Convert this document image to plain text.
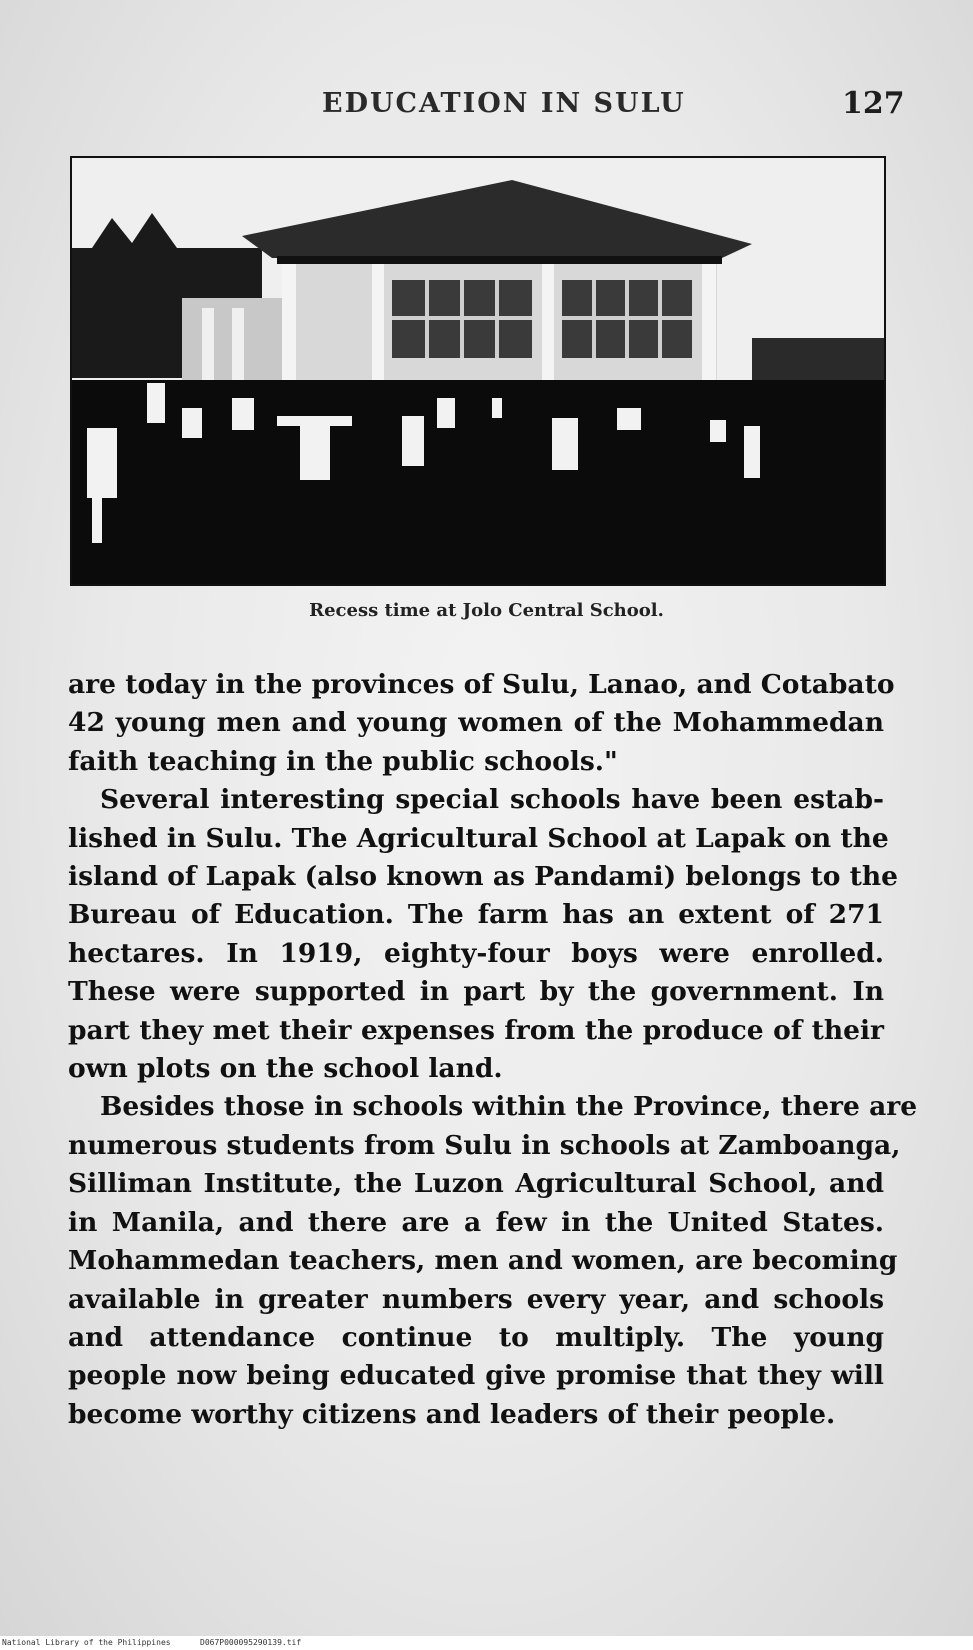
EDUCATION IN SULU	127
Recess time at Jolo Central School.
are today in the provinces of Sulu, Lanao, and Cotabato
42 young men and young women of the Mohammedan
faith teaching in the public schools."
Several interesting special schools have been estab-
lished in Sulu. The Agricultural School at Lapak on the
island of Lapak (also known as Pandami) belongs to the
Bureau of Education. The farm has an extent of 271
hectares. In 1919, eighty-four boys were enrolled.
These were supported in part by the government. In
part they met their expenses from the produce of their
own plots on the school land.
Besides those in schools within the Province, there are
numerous students from Sulu in schools at Zamboanga,
Silliman Institute, the Luzon Agricultural School, and
in Manila, and there are a few in the United States.
Mohammedan teachers, men and women, are becoming
available in greater numbers every year, and schools
and attendance continue to multiply. The young
people now being educated give promise that they will
become worthy citizens and leaders of their people.
National Library of the Philippines	D067P000095290139.tif
